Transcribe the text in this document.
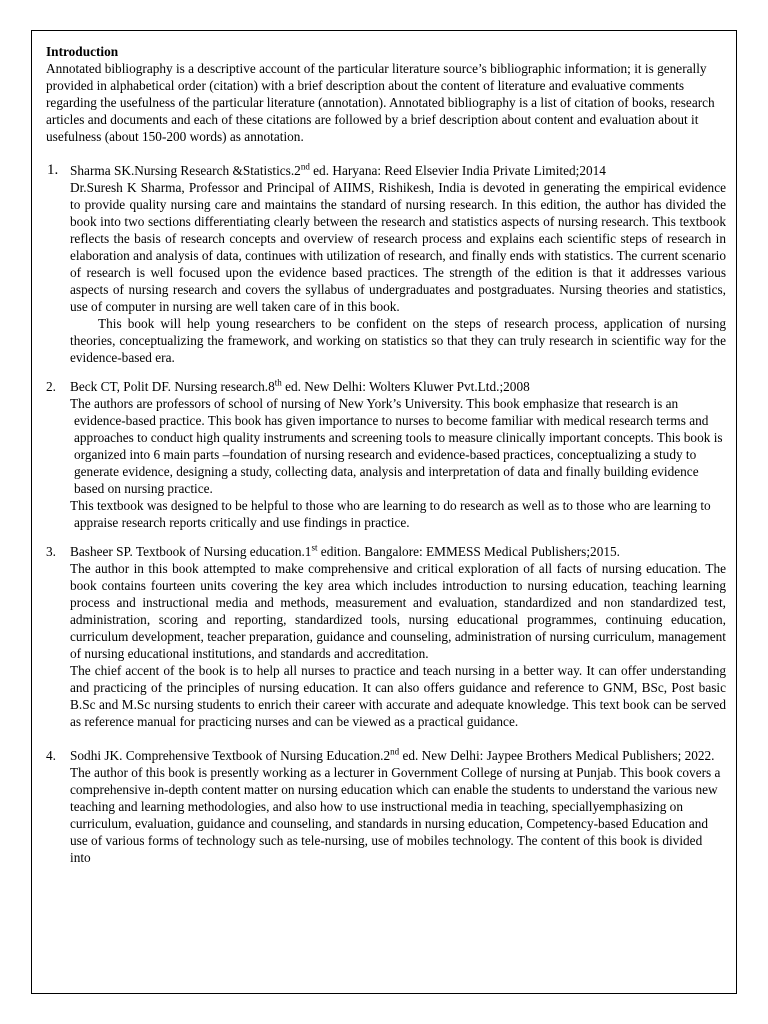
Introduction

Annotated bibliography is a descriptive account of the particular literature source’s bibliographic information; it is generally provided in alphabetical order (citation) with a brief description about the content of literature and evaluative comments regarding the usefulness of the particular literature (annotation). Annotated bibliography is a list of citation of books, research articles and documents and each of these citations are followed by a brief description about content and evaluation about it usefulness (about 150-200 words) as annotation.

1. Sharma SK.Nursing Research &Statistics.2nd ed. Haryana: Reed Elsevier India Private Limited;2014

Dr.Suresh K Sharma, Professor and Principal of AIIMS, Rishikesh, India is devoted in generating the empirical evidence to provide quality nursing care and maintains the standard of nursing research. In this edition, the author has divided the book into two sections differentiating clearly between the research and statistics aspects of nursing research. This textbook reflects the basis of research concepts and overview of research process and explains each scientific steps of research in elaboration and analysis of data, continues with utilization of research, and finally ends with statistics. The current scenario of research is well focused upon the evidence based practices. The strength of the edition is that it addresses various aspects of nursing research and covers the syllabus of undergraduates and postgraduates. Nursing theories and statistics, use of computer in nursing are well taken care of in this book.

This book will help young researchers to be confident on the steps of research process, application of nursing theories, conceptualizing the framework, and working on statistics so that they can truly research in scientific way for the evidence-based era.

2. Beck CT, Polit DF. Nursing research.8th ed. New Delhi: Wolters Kluwer Pvt.Ltd.;2008

The authors are professors of school of nursing of New York’s University. This book emphasize that research is an evidence-based practice. This book has given importance to nurses to become familiar with medical research terms and approaches to conduct high quality instruments and screening tools to measure clinically important concepts. This book is organized into 6 main parts –foundation of nursing research and evidence-based practices, conceptualizing a study to generate evidence, designing a study, collecting data, analysis and interpretation of data and finally building evidence based on nursing practice.

This textbook was designed to be helpful to those who are learning to do research as well as to those who are learning to appraise research reports critically and use findings in practice.

3. Basheer SP. Textbook of Nursing education.1st edition. Bangalore: EMMESS Medical Publishers;2015.

The author in this book attempted to make comprehensive and critical exploration of all facts of nursing education. The book contains fourteen units covering the key area which includes introduction to nursing education, teaching learning process and instructional media and methods, measurement and evaluation, standardized and non standardized test, administration, scoring and reporting, standardized tools, nursing educational programmes, continuing education, curriculum development, teacher preparation, guidance and counseling, administration of nursing curriculum, management of nursing educational institutions, and standards and accreditation.

The chief accent of the book is to help all nurses to practice and teach nursing in a better way. It can offer understanding and practicing of the principles of nursing education. It can also offers guidance and reference to GNM, BSc, Post basic B.Sc and M.Sc nursing students to enrich their career with accurate and adequate knowledge. This text book can be served as reference manual for practicing nurses and can be viewed as a practical guidance.

4. Sodhi JK. Comprehensive Textbook of Nursing Education.2nd ed. New Delhi: Jaypee Brothers Medical Publishers; 2022.

The author of this book is presently working as a lecturer in Government College of nursing at Punjab. This book covers a comprehensive in-depth content matter on nursing education which can enable the students to understand the various new teaching and learning methodologies, and also how to use instructional media in teaching, speciallyemphasizing on curriculum, evaluation, guidance and counseling, and standards in nursing education, Competency-based Education and use of various forms of technology such as tele-nursing, use of mobiles technology. The content of this book is divided into
